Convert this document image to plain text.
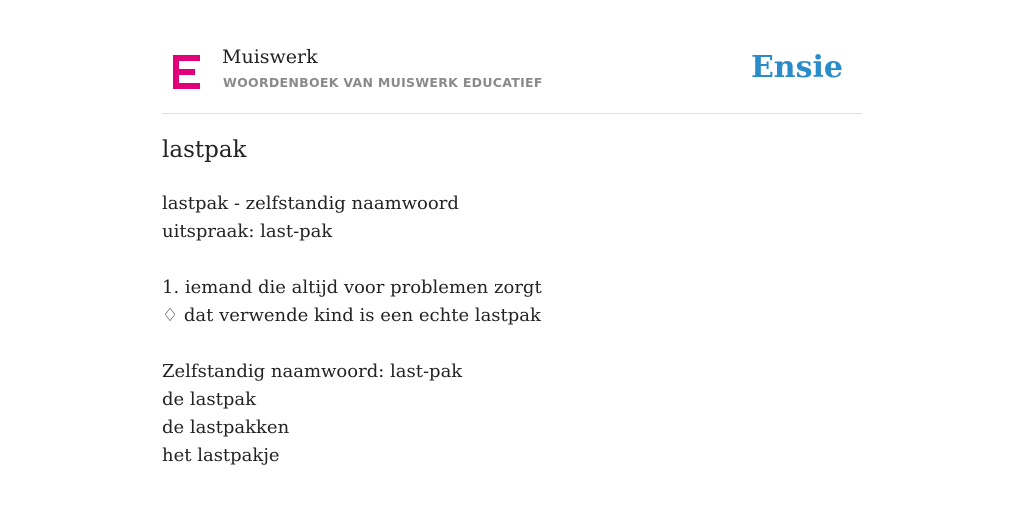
Muiswerk
WOORDENBOEK VAN MUISWERK EDUCATIEF	Ensie
lastpak
lastpak - zelfstandig naamwoord
uitspraak: last-pak
1. iemand die altijd voor problemen zorgt
♢ dat verwende kind is een echte lastpak
Zelfstandig naamwoord: last-pak
de lastpak
de lastpakken
het lastpakje
